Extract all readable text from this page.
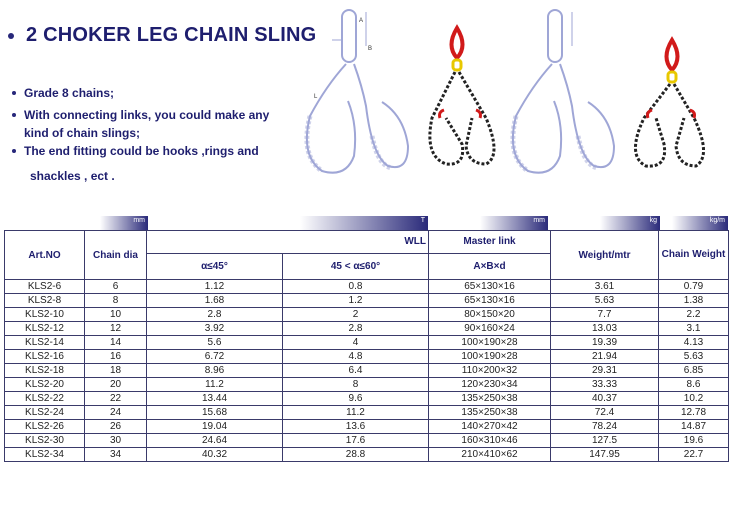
2 CHOKER LEG CHAIN SLING
Grade 8 chains;
With connecting links, you could make any
kind of chain slings;
The end fitting could be hooks ,rings and
shackles , ect .
A
B
L
mm	T	mm	kg	kg/m
Art.NO	Chain dia	WLL		Master link	Weight/mtr	Chain Weight
		α≤45°	45 < α≤60°	A×B×d		
KLS2-6	6	1.12	0.8	65×130×16	3.61	0.79
KLS2-8	8	1.68	1.2	65×130×16	5.63	1.38
KLS2-10	10	2.8	2	80×150×20	7.7	2.2
KLS2-12	12	3.92	2.8	90×160×24	13.03	3.1
KLS2-14	14	5.6	4	100×190×28	19.39	4.13
KLS2-16	16	6.72	4.8	100×190×28	21.94	5.63
KLS2-18	18	8.96	6.4	110×200×32	29.31	6.85
KLS2-20	20	11.2	8	120×230×34	33.33	8.6
KLS2-22	22	13.44	9.6	135×250×38	40.37	10.2
KLS2-24	24	15.68	11.2	135×250×38	72.4	12.78
KLS2-26	26	19.04	13.6	140×270×42	78.24	14.87
KLS2-30	30	24.64	17.6	160×310×46	127.5	19.6
KLS2-34	34	40.32	28.8	210×410×62	147.95	22.7
